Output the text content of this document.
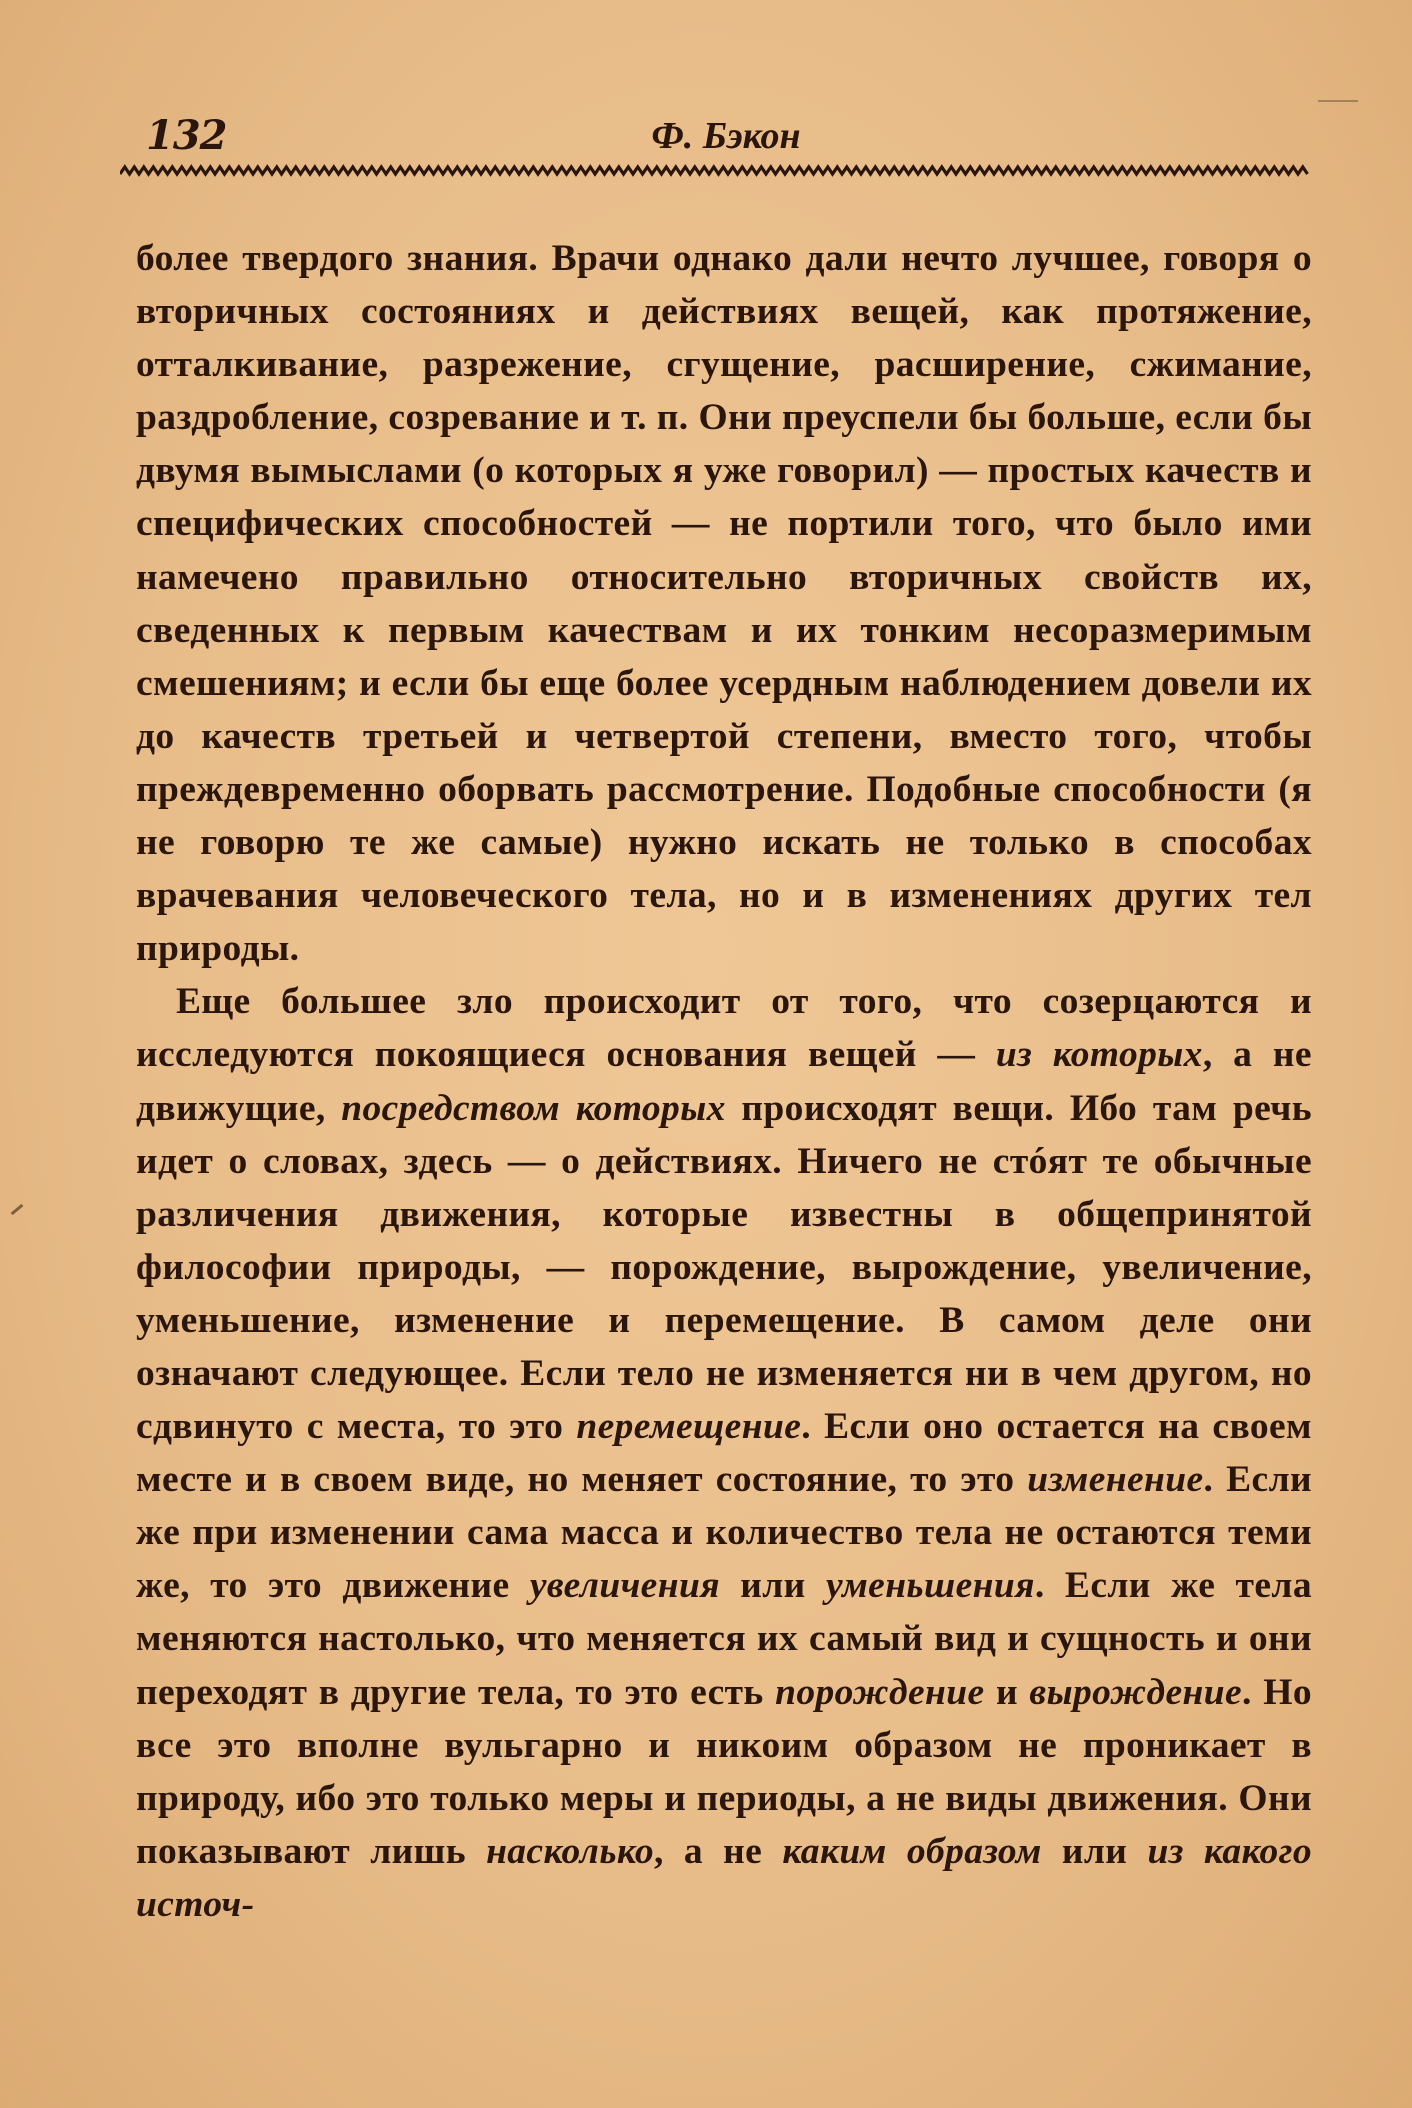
132	Ф. Бэкон

более твердого знания. Врачи однако дали нечто лучшее, говоря о вторичных состояниях и действиях вещей, как протяжение, отталкивание, разрежение, сгущение, расширение, сжимание, раздробление, созревание и т. п. Они преуспели бы больше, если бы двумя вымыслами (о которых я уже говорил) — простых качеств и специфических способностей — не портили того, что было ими намечено правильно относительно вторичных свойств их, сведенных к первым качествам и их тонким несоразмеримым смешениям; и если бы еще более усердным наблюдением довели их до качеств третьей и четвертой степени, вместо того, чтобы преждевременно оборвать рассмотрение. Подобные способности (я не говорю те же самые) нужно искать не только в способах врачевания человеческого тела, но и в изменениях других тел природы.

Еще большее зло происходит от того, что созерцаются и исследуются покоящиеся основания вещей — из которых, а не движущие, посредством которых происходят вещи. Ибо там речь идет о словах, здесь — о действиях. Ничего не стóят те обычные различения движения, которые известны в общепринятой философии природы, — порождение, вырождение, увеличение, уменьшение, изменение и перемещение. В самом деле они означают следующее. Если тело не изменяется ни в чем другом, но сдвинуто с места, то это перемещение. Если оно остается на своем месте и в своем виде, но меняет состояние, то это изменение. Если же при изменении сама масса и количество тела не остаются теми же, то это движение увеличения или уменьшения. Если же тела меняются настолько, что меняется их самый вид и сущность и они переходят в другие тела, то это есть порождение и вырождение. Но все это вполне вульгарно и никоим образом не проникает в природу, ибо это только меры и периоды, а не виды движения. Они показывают лишь насколько, а не каким образом или из какого источ-
